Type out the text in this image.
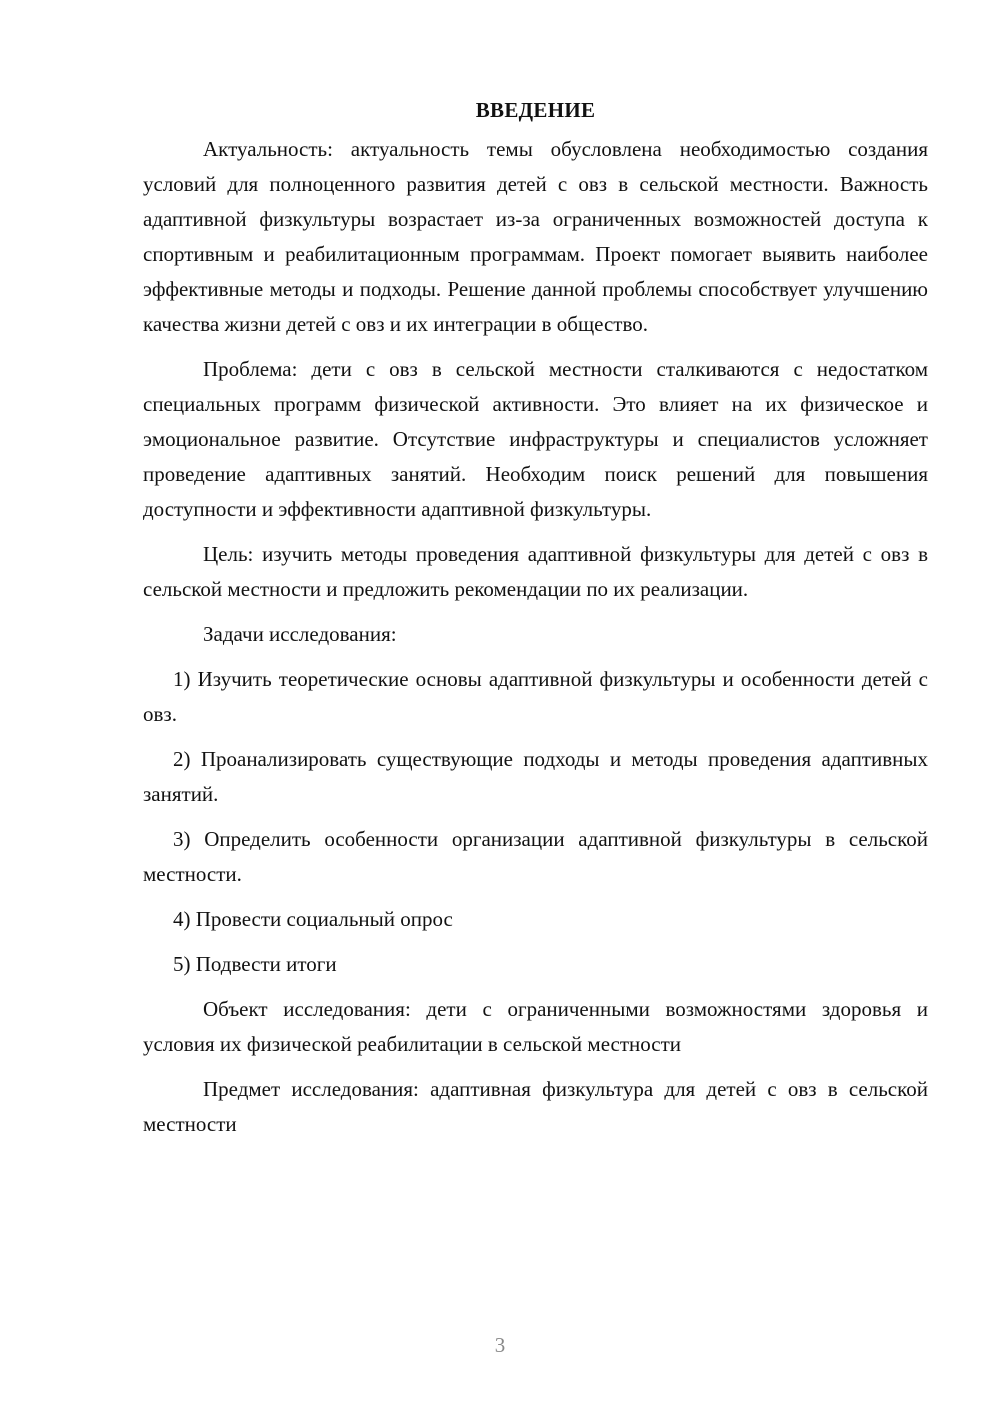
ВВЕДЕНИЕ

Актуальность: актуальность темы обусловлена необходимостью создания условий для полноценного развития детей с овз в сельской местности. Важность адаптивной физкультуры возрастает из-за ограниченных возможностей доступа к спортивным и реабилитационным программам. Проект помогает выявить наиболее эффективные методы и подходы. Решение данной проблемы способствует улучшению качества жизни детей с овз и их интеграции в общество.

Проблема: дети с овз в сельской местности сталкиваются с недостатком специальных программ физической активности. Это влияет на их физическое и эмоциональное развитие. Отсутствие инфраструктуры и специалистов усложняет проведение адаптивных занятий. Необходим поиск решений для повышения доступности и эффективности адаптивной физкультуры.

Цель: изучить методы проведения адаптивной физкультуры для детей с овз в сельской местности и предложить рекомендации по их реализации.

Задачи исследования:

1) Изучить теоретические основы адаптивной физкультуры и особенности детей с овз.

2) Проанализировать существующие подходы и методы проведения адаптивных занятий.

3) Определить особенности организации адаптивной физкультуры в сельской местности.

4) Провести социальный опрос

5) Подвести итоги

Объект исследования: дети с ограниченными возможностями здоровья и условия их физической реабилитации в сельской местности

Предмет исследования: адаптивная физкультура для детей с овз в сельской местности

3
